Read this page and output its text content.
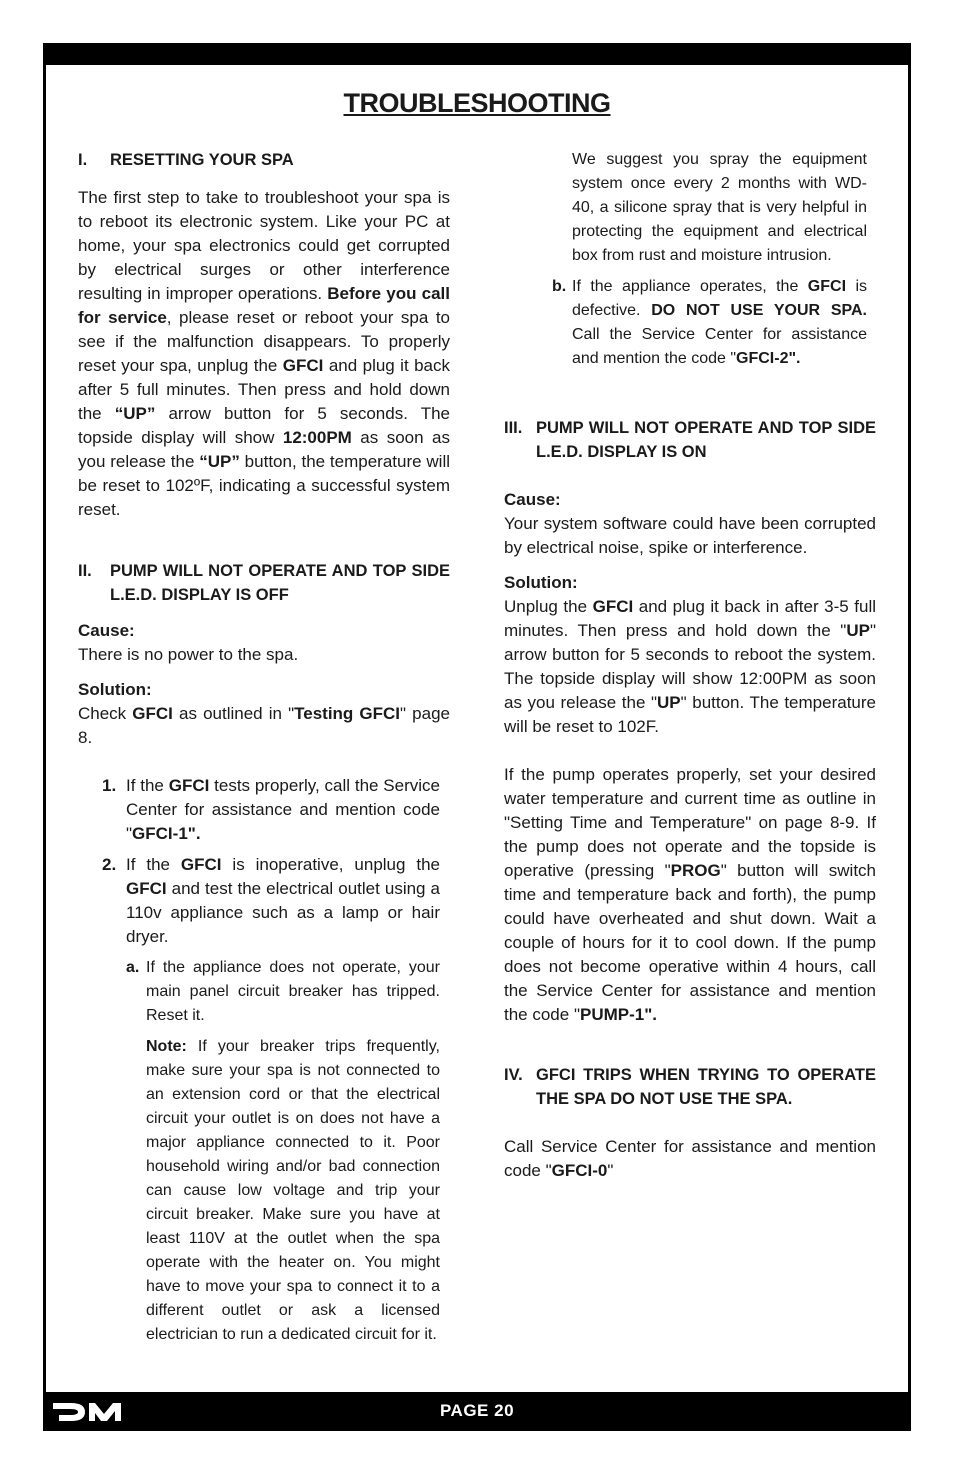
TROUBLESHOOTING
I.	RESETTING YOUR SPA

The first step to take to troubleshoot your spa is to reboot its electronic system. Like your PC at home, your spa electronics could get corrupted by electrical surges or other interference resulting in improper operations. Before you call for service, please reset or reboot your spa to see if the malfunction disappears. To properly reset your spa, unplug the GFCI and plug it back after 5 full minutes. Then press and hold down the “UP” arrow button for 5 seconds. The topside display will show 12:00PM as soon as you release the “UP” button, the temperature will be reset to 102ºF, indicating a successful system reset.

II.	PUMP WILL NOT OPERATE AND TOP SIDE L.E.D. DISPLAY IS OFF
Cause:

There is no power to the spa.

Solution:

Check GFCI as outlined in "Testing GFCI" page 8.

1. If the GFCI tests properly, call the Service Center for assistance and mention code "GFCI-1".
2. If the GFCI is inoperative, unplug the GFCI and test the electrical outlet using a 110v appliance such as a lamp or hair dryer.
a. If the appliance does not operate, your main panel circuit breaker has tripped. Reset it.

Note: If your breaker trips frequently, make sure your spa is not connected to an extension cord or that the electrical circuit your outlet is on does not have a major appliance connected to it. Poor household wiring and/or bad connection can cause low voltage and trip your circuit breaker. Make sure you have at least 110V at the outlet when the spa operate with the heater on. You might have to move your spa to connect it to a different outlet or ask a licensed electrician to run a dedicated circuit for it.

We suggest you spray the equipment system once every 2 months with WD-40, a silicone spray that is very helpful in protecting the equipment and electrical box from rust and moisture intrusion.

b. If the appliance operates, the GFCI is defective. DO NOT USE YOUR SPA. Call the Service Center for assistance and mention the code "GFCI-2".
III. PUMP WILL NOT OPERATE AND TOP SIDE L.E.D. DISPLAY IS ON
Cause:

Your system software could have been corrupted by electrical noise, spike or interference.

Solution:

Unplug the GFCI and plug it back in after 3-5 full minutes. Then press and hold down the "UP" arrow button for 5 seconds to reboot the system. The topside display will show 12:00PM as soon as you release the "UP" button. The temperature will be reset to 102F.

If the pump operates properly, set your desired water temperature and current time as outline in "Setting Time and Temperature" on page 8-9. If the pump does not operate and the topside is operative (pressing "PROG" button will switch time and temperature back and forth), the pump could have overheated and shut down. Wait a couple of hours for it to cool down. If the pump does not become operative within 4 hours, call the Service Center for assistance and mention the code "PUMP-1".

IV. GFCI TRIPS WHEN TRYING TO OPERATE THE SPA DO NOT USE THE SPA.

Call Service Center for assistance and mention code "GFCI-0"

PAGE 20
